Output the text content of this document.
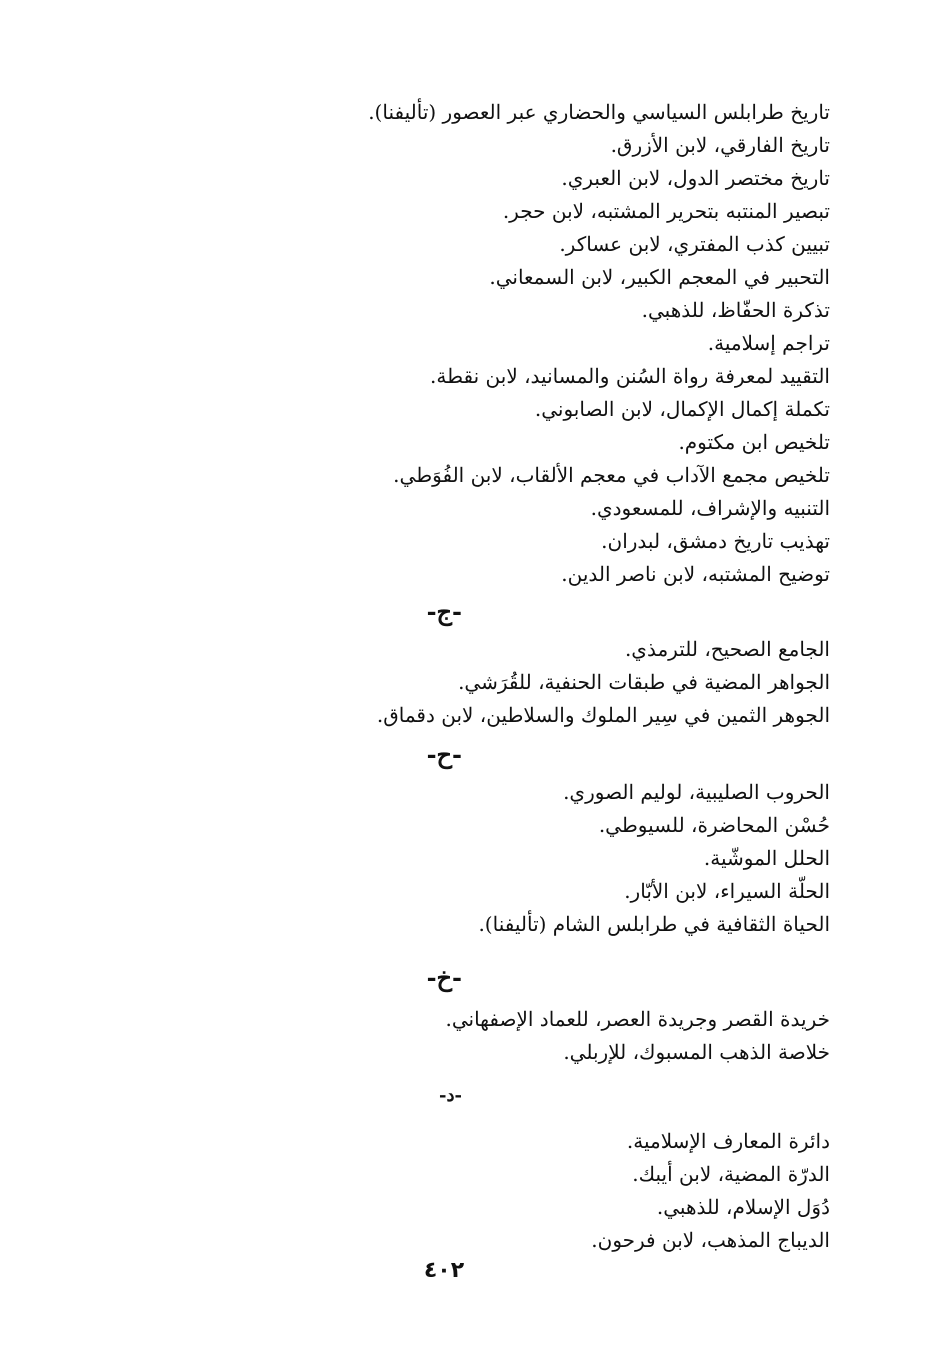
تاريخ طرابلس السياسي والحضاري عبر العصور (تأليفنا).
تاريخ الفارقي، لابن الأزرق.
تاريخ مختصر الدول، لابن العبري.
تبصير المنتبه بتحرير المشتبه، لابن حجر.
تبيين كذب المفتري، لابن عساكر.
التحبير في المعجم الكبير، لابن السمعاني.
تذكرة الحفّاظ، للذهبي.
تراجم إسلامية.
التقييد لمعرفة رواة السُنن والمسانيد، لابن نقطة.
تكملة إكمال الإكمال، لابن الصابوني.
تلخيص ابن مكتوم.
تلخيص مجمع الآداب في معجم الألقاب، لابن الفُوَطي.
التنبيه والإشراف، للمسعودي.
تهذيب تاريخ دمشق، لبدران.
توضيح المشتبه، لابن ناصر الدين.
-ج-
الجامع الصحيح، للترمذي.
الجواهر المضية في طبقات الحنفية، للقُرَشي.
الجوهر الثمين في سِير الملوك والسلاطين، لابن دقماق.
-ح-
الحروب الصليبية، لوليم الصوري.
حُسْن المحاضرة، للسيوطي.
الحلل الموشّية.
الحلّة السيراء، لابن الأبّار.
الحياة الثقافية في طرابلس الشام (تأليفنا).
-خ-
خريدة القصر وجريدة العصر، للعماد الإصفهاني.
خلاصة الذهب المسبوك، للإربلي.
-د-
دائرة المعارف الإسلامية.
الدرّة المضية، لابن أيبك.
دُوَل الإسلام، للذهبي.
الديباج المذهب، لابن فرحون.
٤٠٢
